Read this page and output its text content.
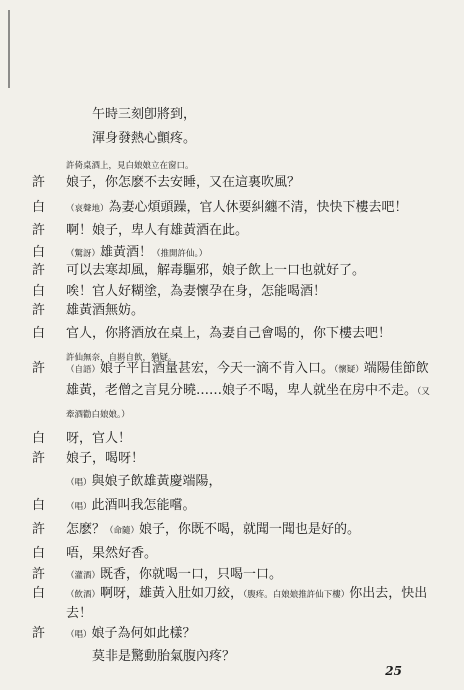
午時三刻卽將到，
渾身發熱心顫疼。
許倚桌酒上，見白娘娘立在窗口。
許 娘子，你怎麽不去安睡，又在這裏吹風？
白 （哀聲地）為妻心煩頭躁，官人休要糾纏不清，快快下樓去吧！
許 啊！娘子，卑人有雄黃酒在此。
白 （驚訝）雄黃酒！（推開許仙。）
許 可以去寒却風，解毒驅邪，娘子飲上一口也就好了。
白 唉！官人好糊塗，為妻懷孕在身，怎能喝酒！
許 雄黃酒無妨。
白 官人，你將酒放在桌上，為妻自己會喝的，你下樓去吧！
許仙無奈，自斟自飲，猶疑。
許 （自語）娘子平日酒量甚宏，今天一滴不肯入口。（懷疑）端陽佳節飲
雄黃，老僧之言見分曉……娘子不喝，卑人就坐在房中不走。（又
牽酒勸白娘娘。）
白 呀，官人！
許 娘子，喝呀！
（唱）與娘子飲雄黃慶端陽，
白 （唱）此酒叫我怎能嚐。
許 怎麽？（命隨）娘子，你既不喝，就聞一聞也是好的。
白 唔，果然好香。
許 （灌酒）既香，你就喝一口，只喝一口。
白 （飲酒）啊呀，雄黃入肚如刀絞，（腹疼。白娘娘推許仙下樓）你出去，快出
去！
許 （唱）娘子為何如此樣？
莫非是驚動胎氣腹內疼？
25
